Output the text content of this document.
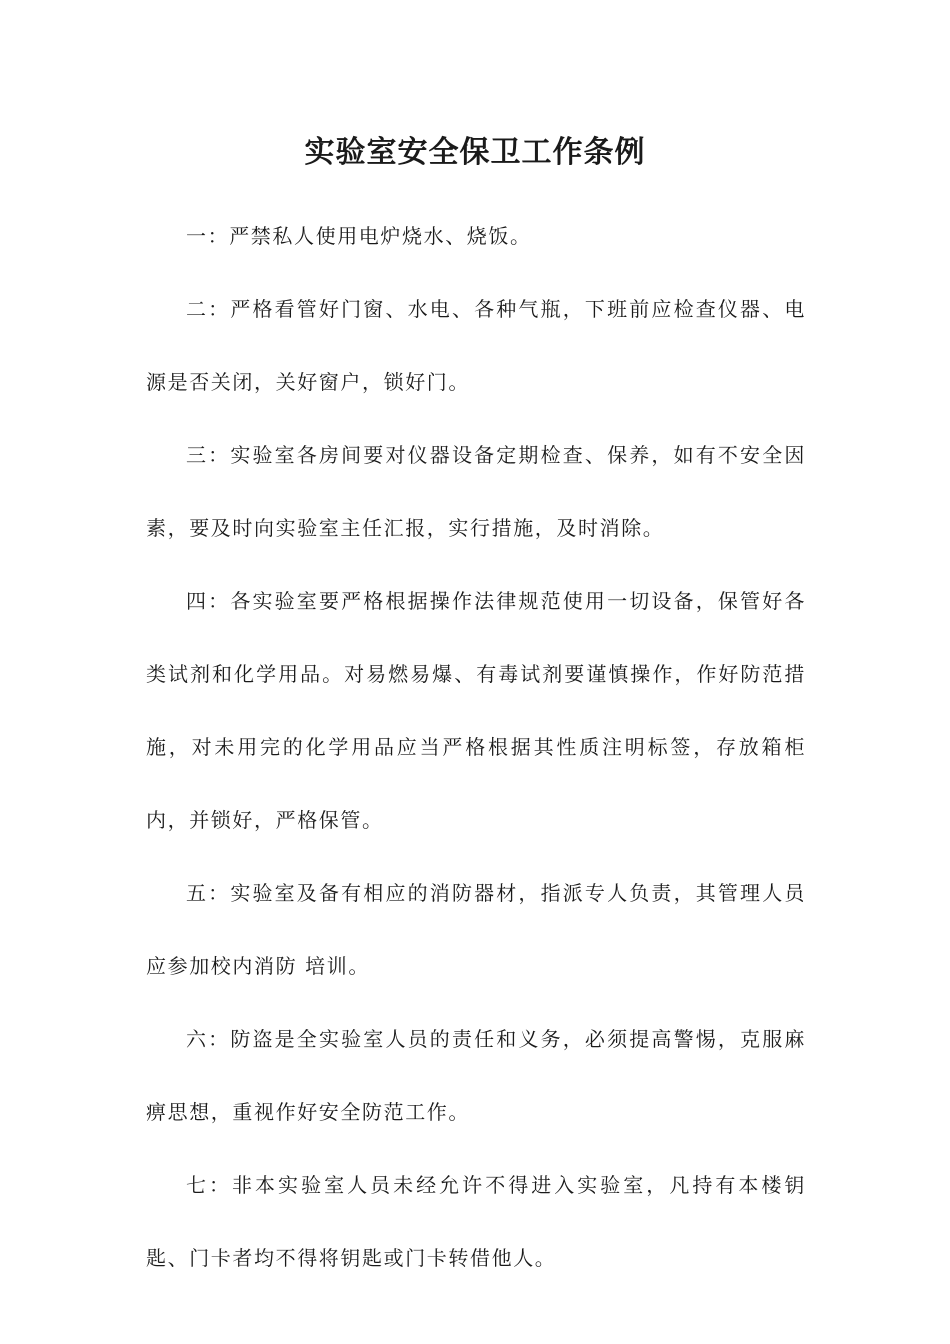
实验室安全保卫工作条例

一：严禁私人使用电炉烧水、烧饭。

二：严格看管好门窗、水电、各种气瓶，下班前应检查仪器、电源是否关闭，关好窗户，锁好门。

三：实验室各房间要对仪器设备定期检查、保养，如有不安全因素，要及时向实验室主任汇报，实行措施，及时消除。

四：各实验室要严格根据操作法律规范使用一切设备，保管好各类试剂和化学用品。对易燃易爆、有毒试剂要谨慎操作，作好防范措施，对未用完的化学用品应当严格根据其性质注明标签，存放箱柜内，并锁好，严格保管。

五：实验室及备有相应的消防器材，指派专人负责，其管理人员应参加校内消防 培训。

六：防盗是全实验室人员的责任和义务，必须提高警惕，克服麻痹思想，重视作好安全防范工作。

七：非本实验室人员未经允许不得进入实验室，凡持有本楼钥匙、门卡者均不得将钥匙或门卡转借他人。
